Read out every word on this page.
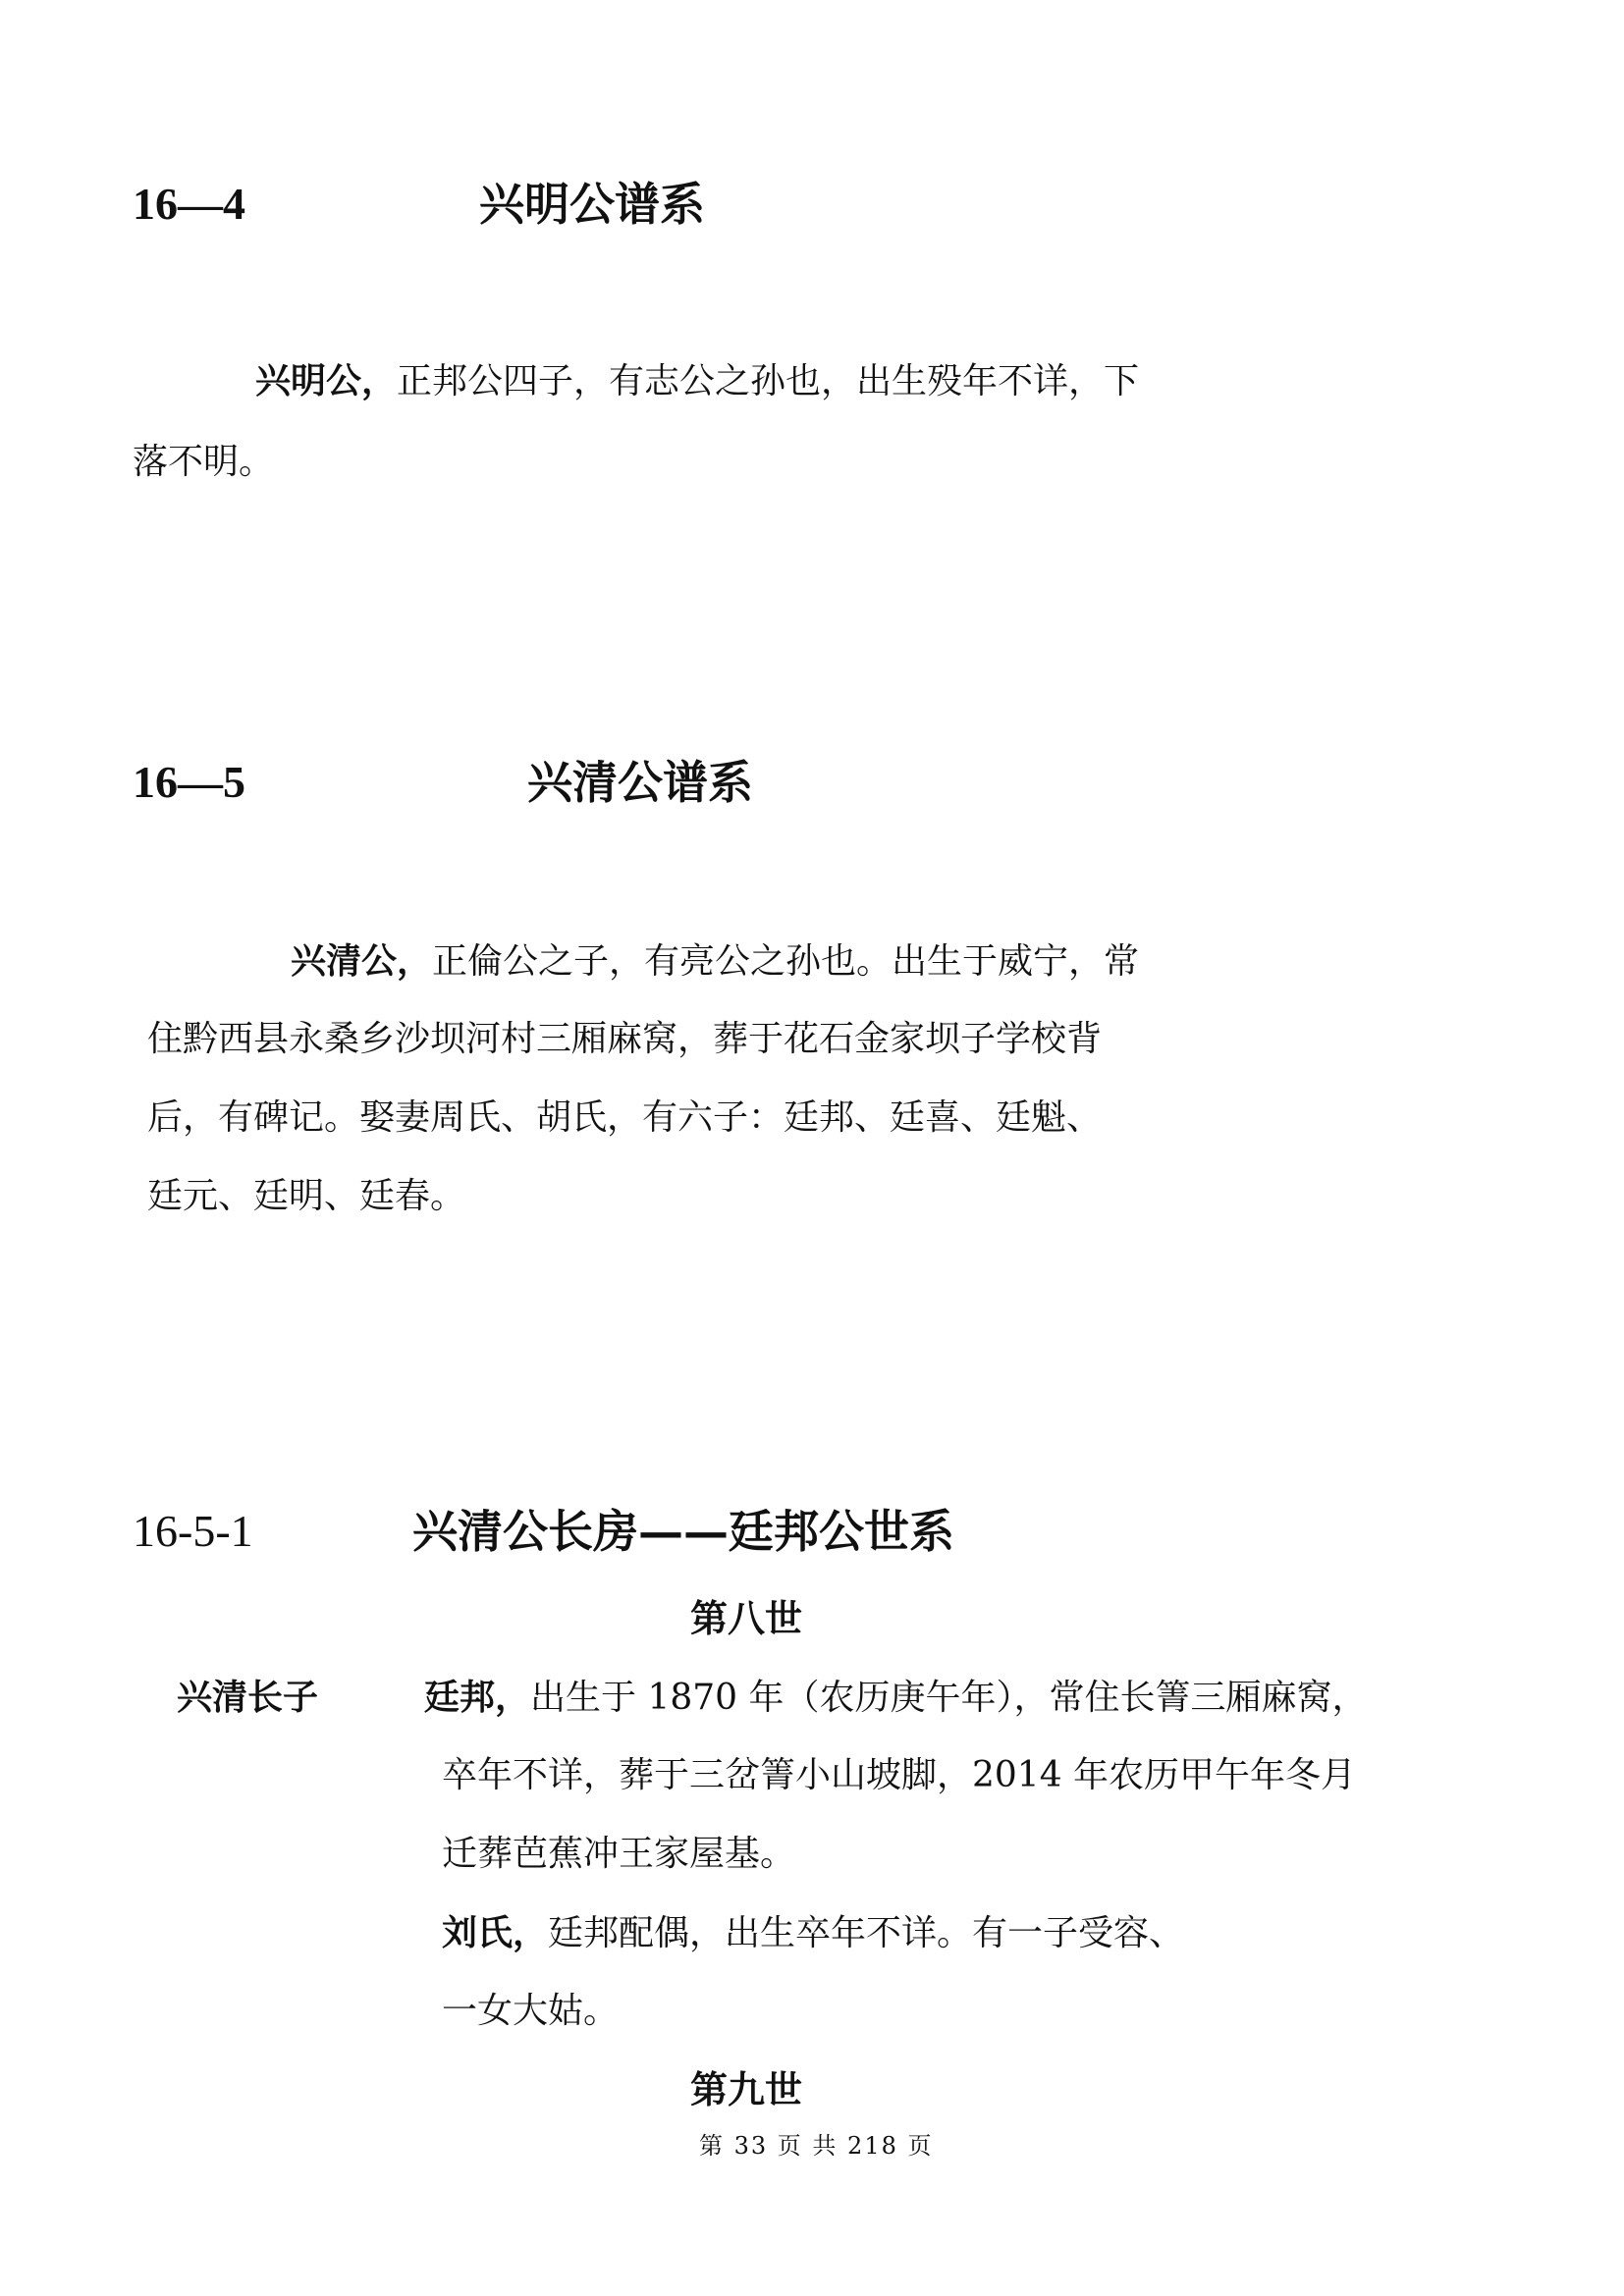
16—4	兴明公谱系
兴明公，正邦公四子，有志公之孙也，出生殁年不详，下
落不明。
16—5	兴清公谱系
兴清公，正倫公之子，有亮公之孙也。出生于威宁，常
住黔西县永桑乡沙坝河村三厢麻窝，葬于花石金家坝子学校背
后，有碑记。娶妻周氏、胡氏，有六子：廷邦、廷喜、廷魁、
廷元、廷明、廷春。
16-5-1	兴清公长房——廷邦公世系
第八世
兴清长子	廷邦，出生于 1870 年（农历庚午年），常住长箐三厢麻窝，
卒年不详，葬于三岔箐小山坡脚，2014 年农历甲午年冬月
迁葬芭蕉冲王家屋基。
刘氏，廷邦配偶，出生卒年不详。有一子受容、
一女大姑。
第九世
第 33 页 共 218 页
